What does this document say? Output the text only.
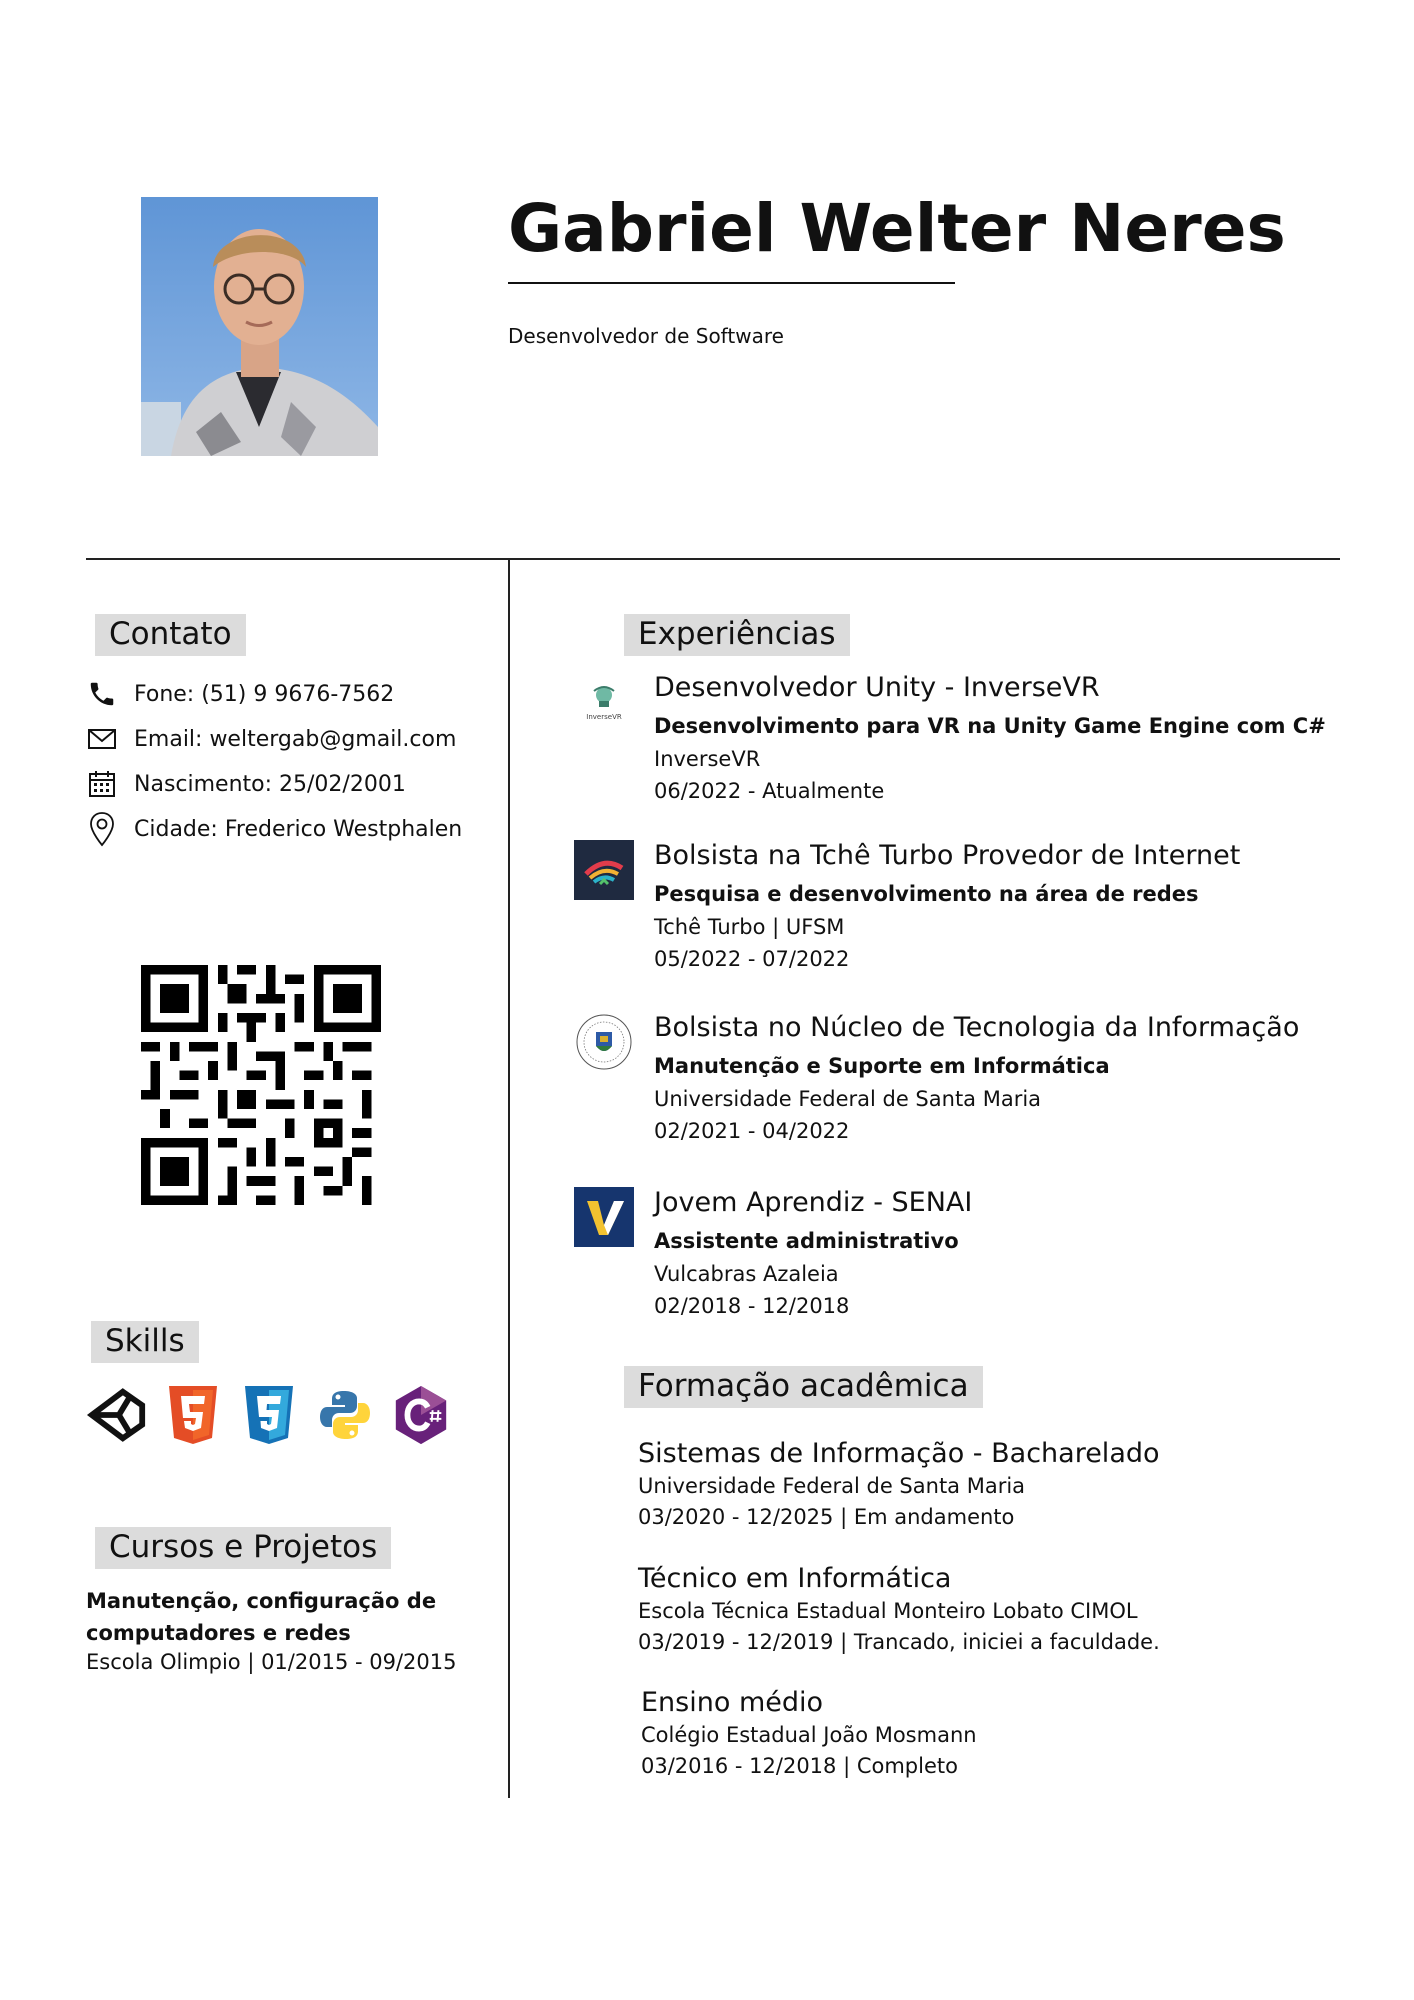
Gabriel Welter Neres
Desenvolvedor de Software
Contato
Fone: (51) 9 9676-7562
Email: weltergab@gmail.com
Nascimento: 25/02/2001
Cidade: Frederico Westphalen
Skills
Cursos e Projetos
Manutenção, configuração de computadores e redes
Escola Olimpio | 01/2015 - 09/2015
Experiências
InverseVR
Desenvolvedor Unity - InverseVR
Desenvolvimento para VR na Unity Game Engine com C#
InverseVR
06/2022 - Atualmente
Bolsista na Tchê Turbo Provedor de Internet
Pesquisa e desenvolvimento na área de redes
Tchê Turbo | UFSM
05/2022 - 07/2022
Bolsista no Núcleo de Tecnologia da Informação
Manutenção e Suporte em Informática
Universidade Federal de Santa Maria
02/2021 - 04/2022
Jovem Aprendiz - SENAI
Assistente administrativo
Vulcabras Azaleia
02/2018 - 12/2018
Formação acadêmica
Sistemas de Informação - Bacharelado
Universidade Federal de Santa Maria
03/2020 - 12/2025 | Em andamento
Técnico em Informática
Escola Técnica Estadual Monteiro Lobato CIMOL
03/2019 - 12/2019 | Trancado, iniciei a faculdade.
Ensino médio
Colégio Estadual João Mosmann
03/2016 - 12/2018 | Completo
